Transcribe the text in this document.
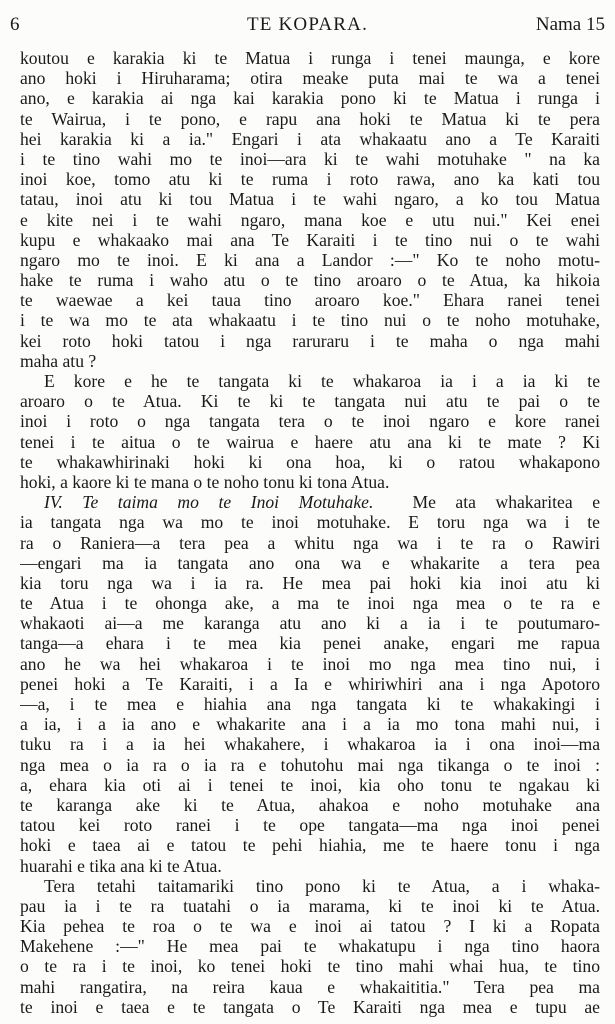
6	TE KOPARA.	Nama 15
koutou e karakia ki te Matua i runga i tenei maunga, e kore
ano hoki i Hiruharama; otira meake puta mai te wa a tenei
ano, e karakia ai nga kai karakia pono ki te Matua i runga i
te Wairua, i te pono, e rapu ana hoki te Matua ki te pera
hei karakia ki a ia." Engari i ata whakaatu ano a Te Karaiti
i te tino wahi mo te inoi—ara ki te wahi motuhake " na ka
inoi koe, tomo atu ki te ruma i roto rawa, ano ka kati tou
tatau, inoi atu ki tou Matua i te wahi ngaro, a ko tou Matua
e kite nei i te wahi ngaro, mana koe e utu nui." Kei enei
kupu e whakaako mai ana Te Karaiti i te tino nui o te wahi
ngaro mo te inoi. E ki ana a Landor :—" Ko te noho motu-
hake te ruma i waho atu o te tino aroaro o te Atua, ka hikoia
te waewae a kei taua tino aroaro koe." Ehara ranei tenei
i te wa mo te ata whakaatu i te tino nui o te noho motuhake,
kei roto hoki tatou i nga raruraru i te maha o nga mahi
maha atu ?
E kore e he te tangata ki te whakaroa ia i a ia ki te
aroaro o te Atua. Ki te ki te tangata nui atu te pai o te
inoi i roto o nga tangata tera o te inoi ngaro e kore ranei
tenei i te aitua o te wairua e haere atu ana ki te mate ? Ki
te whakawhirinaki hoki ki ona hoa, ki o ratou whakapono
hoki, a kaore ki te mana o te noho tonu ki tona Atua.
IV. Te taima mo te Inoi Motuhake. Me ata whakaritea e
ia tangata nga wa mo te inoi motuhake. E toru nga wa i te
ra o Raniera—a tera pea a whitu nga wa i te ra o Rawiri
—engari ma ia tangata ano ona wa e whakarite a tera pea
kia toru nga wa i ia ra. He mea pai hoki kia inoi atu ki
te Atua i te ohonga ake, a ma te inoi nga mea o te ra e
whakaoti ai—a me karanga atu ano ki a ia i te poutumaro-
tanga—a ehara i te mea kia penei anake, engari me rapua
ano he wa hei whakaroa i te inoi mo nga mea tino nui, i
penei hoki a Te Karaiti, i a Ia e whiriwhiri ana i nga Apotoro
—a, i te mea e hiahia ana nga tangata ki te whakakingi i
a ia, i a ia ano e whakarite ana i a ia mo tona mahi nui, i
tuku ra i a ia hei whakahere, i whakaroa ia i ona inoi—ma
nga mea o ia ra o ia ra e tohutohu mai nga tikanga o te inoi :
a, ehara kia oti ai i tenei te inoi, kia oho tonu te ngakau ki
te karanga ake ki te Atua, ahakoa e noho motuhake ana
tatou kei roto ranei i te ope tangata—ma nga inoi penei
hoki e taea ai e tatou te pehi hiahia, me te haere tonu i nga
huarahi e tika ana ki te Atua.
Tera tetahi taitamariki tino pono ki te Atua, a i whaka-
pau ia i te ra tuatahi o ia marama, ki te inoi ki te Atua.
Kia pehea te roa o te wa e inoi ai tatou ? I ki a Ropata
Makehene :—" He mea pai te whakatupu i nga tino haora
o te ra i te inoi, ko tenei hoki te tino mahi whai hua, te tino
mahi rangatira, na reira kaua e whakaititia." Tera pea ma
te inoi e taea e te tangata o Te Karaiti nga mea e tupu ae
